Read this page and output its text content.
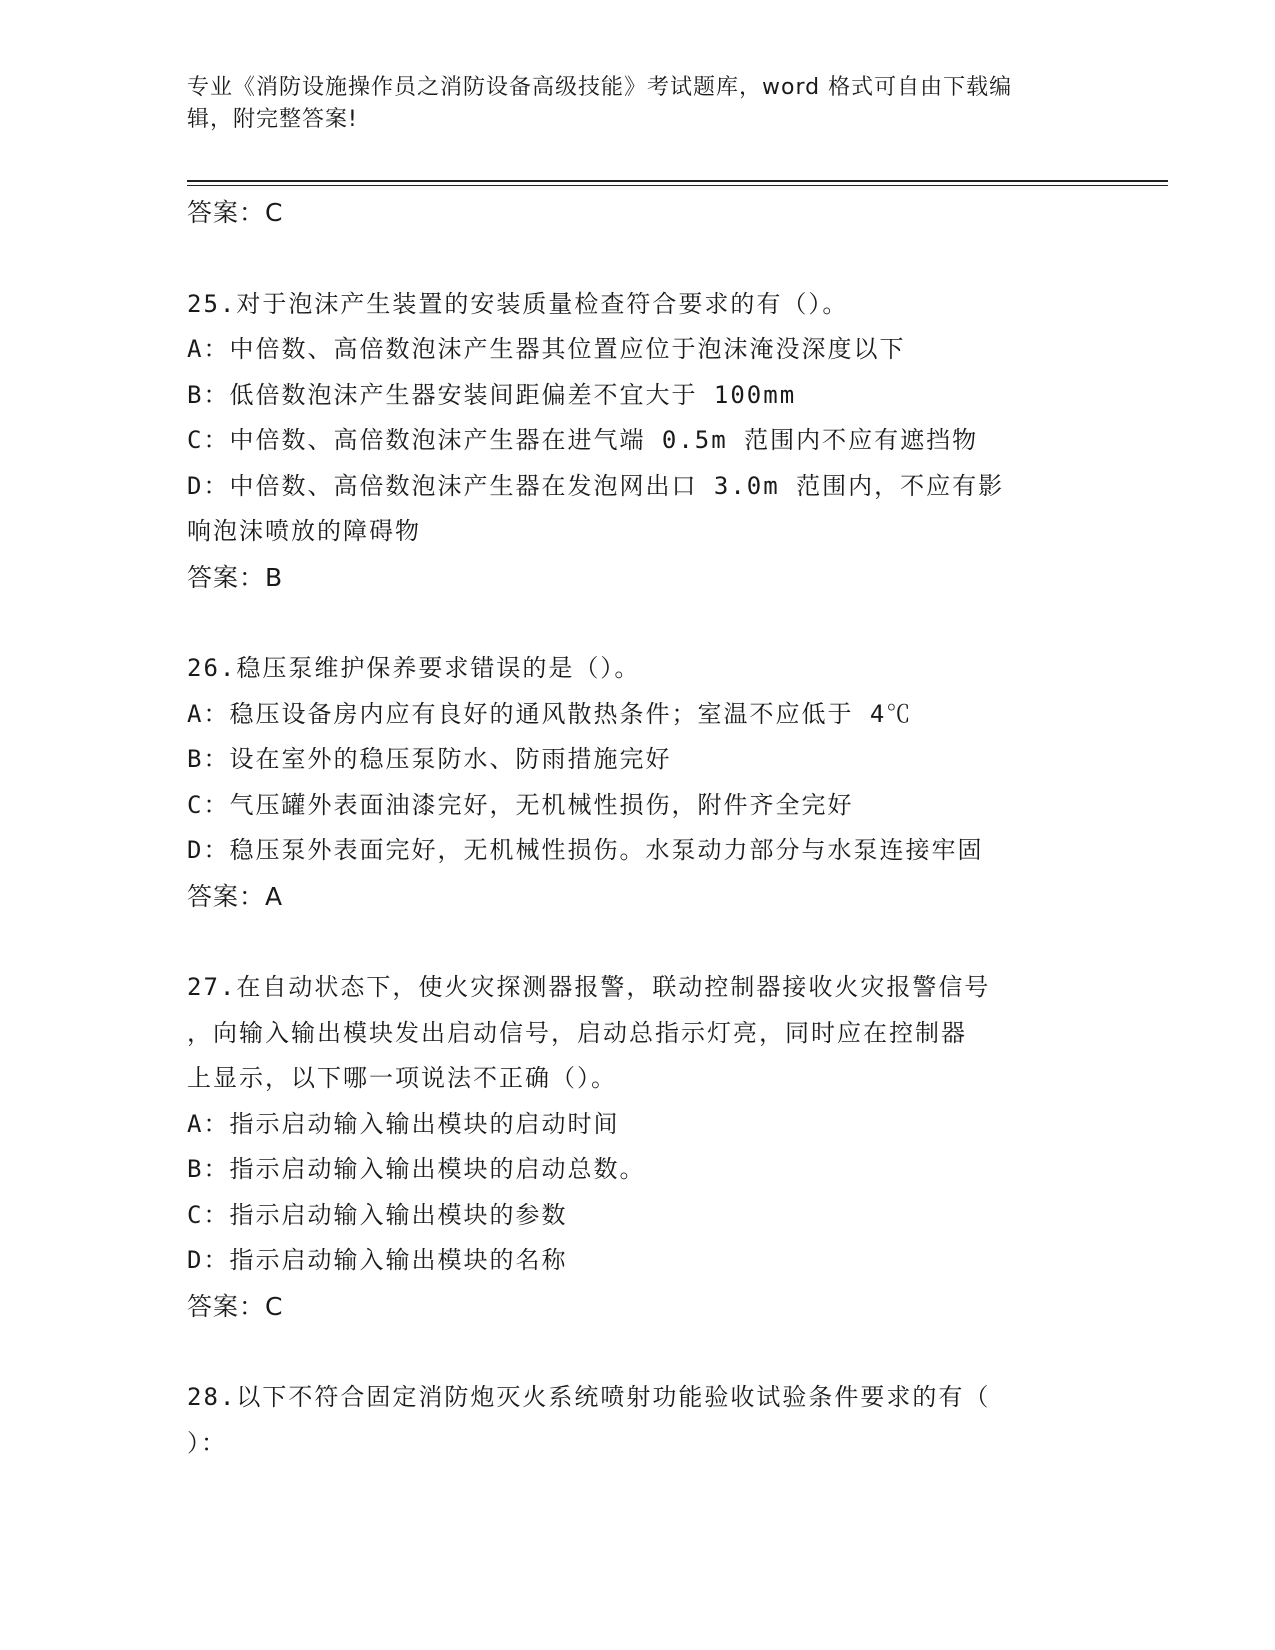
专业《消防设施操作员之消防设备高级技能》考试题库，word 格式可自由下载编
辑，附完整答案!
答案：C
25.对于泡沫产生装置的安装质量检查符合要求的有（）。
A：中倍数、高倍数泡沫产生器其位置应位于泡沫淹没深度以下
B：低倍数泡沫产生器安装间距偏差不宜大于 100mm
C：中倍数、高倍数泡沫产生器在进气端 0.5m 范围内不应有遮挡物
D：中倍数、高倍数泡沫产生器在发泡网出口 3.0m 范围内，不应有影
响泡沫喷放的障碍物
答案：B
26.稳压泵维护保养要求错误的是（）。
A：稳压设备房内应有良好的通风散热条件；室温不应低于 4℃
B：设在室外的稳压泵防水、防雨措施完好
C：气压罐外表面油漆完好，无机械性损伤，附件齐全完好
D：稳压泵外表面完好，无机械性损伤。水泵动力部分与水泵连接牢固
答案：A
27.在自动状态下，使火灾探测器报警，联动控制器接收火灾报警信号
，向输入输出模块发出启动信号，启动总指示灯亮，同时应在控制器
上显示，以下哪一项说法不正确（）。
A：指示启动输入输出模块的启动时间
B：指示启动输入输出模块的启动总数。
C：指示启动输入输出模块的参数
D：指示启动输入输出模块的名称
答案：C
28.以下不符合固定消防炮灭火系统喷射功能验收试验条件要求的有（
）：
